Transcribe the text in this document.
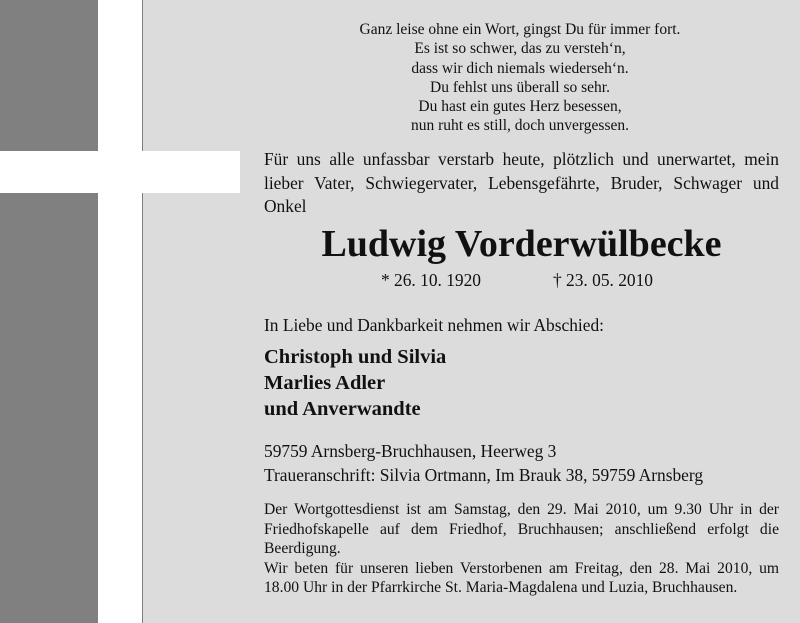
Ganz leise ohne ein Wort, gingst Du für immer fort.
Es ist so schwer, das zu versteh‘n,
dass wir dich niemals wiederseh‘n.
Du fehlst uns überall so sehr.
Du hast ein gutes Herz besessen,
nun ruht es still, doch unvergessen.
Für uns alle unfassbar verstarb heute, plötzlich und unerwartet, mein
lieber Vater, Schwiegervater, Lebensgefährte, Bruder, Schwager und
Onkel
Ludwig Vorderwülbecke
* 26. 10. 1920	† 23. 05. 2010
In Liebe und Dankbarkeit nehmen wir Abschied:
Christoph und Silvia
Marlies Adler
und Anverwandte
59759 Arnsberg-Bruchhausen, Heerweg 3
Traueranschrift: Silvia Ortmann, Im Brauk 38, 59759 Arnsberg
Der Wortgottesdienst ist am Samstag, den 29. Mai 2010, um 9.30 Uhr in der
Friedhofskapelle auf dem Friedhof, Bruchhausen; anschließend erfolgt die
Beerdigung.
Wir beten für unseren lieben Verstorbenen am Freitag, den 28. Mai 2010, um
18.00 Uhr in der Pfarrkirche St. Maria-Magdalena und Luzia, Bruchhausen.
